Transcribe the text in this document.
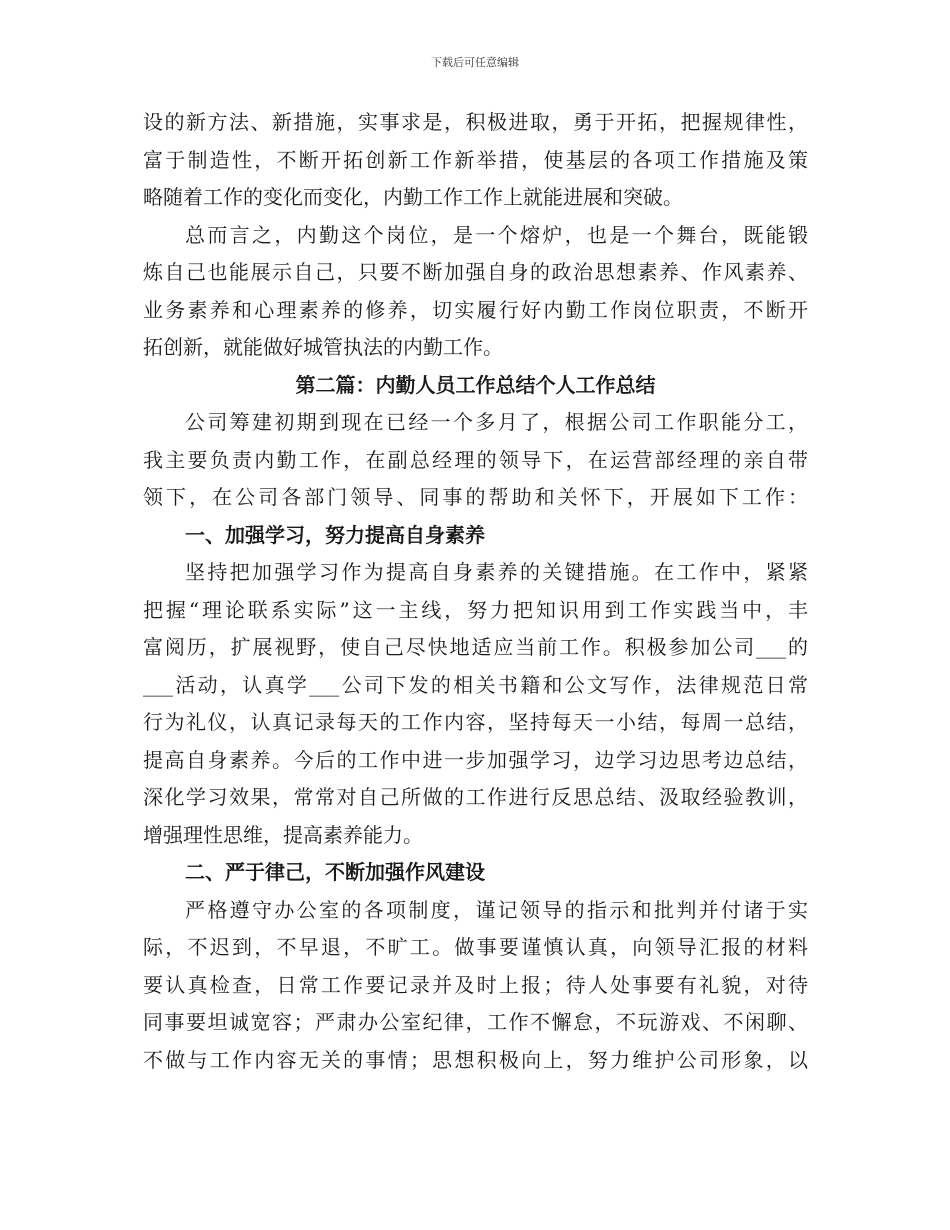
下载后可任意编辑
设的新方法、新措施，实事求是，积极进取，勇于开拓，把握规律性，
富于制造性，不断开拓创新工作新举措，使基层的各项工作措施及策
略随着工作的变化而变化，内勤工作工作上就能进展和突破。
总而言之，内勤这个岗位，是一个熔炉，也是一个舞台，既能锻
炼自己也能展示自己，只要不断加强自身的政治思想素养、作风素养、
业务素养和心理素养的修养，切实履行好内勤工作岗位职责，不断开
拓创新，就能做好城管执法的内勤工作。
第二篇：内勤人员工作总结个人工作总结
公司筹建初期到现在已经一个多月了，根据公司工作职能分工，
我主要负责内勤工作，在副总经理的领导下，在运营部经理的亲自带
领下，在公司各部门领导、同事的帮助和关怀下，开展如下工作：
一、加强学习，努力提高自身素养
坚持把加强学习作为提高自身素养的关键措施。在工作中，紧紧
把握“理论联系实际”这一主线，努力把知识用到工作实践当中，丰
富阅历，扩展视野，使自己尽快地适应当前工作。积极参加公司___的
___活动，认真学___公司下发的相关书籍和公文写作，法律规范日常
行为礼仪，认真记录每天的工作内容，坚持每天一小结，每周一总结，
提高自身素养。今后的工作中进一步加强学习，边学习边思考边总结，
深化学习效果，常常对自己所做的工作进行反思总结、汲取经验教训，
增强理性思维，提高素养能力。
二、严于律己，不断加强作风建设
严格遵守办公室的各项制度，谨记领导的指示和批判并付诸于实
际，不迟到，不早退，不旷工。做事要谨慎认真，向领导汇报的材料
要认真检查，日常工作要记录并及时上报；待人处事要有礼貌，对待
同事要坦诚宽容；严肃办公室纪律，工作不懈怠，不玩游戏、不闲聊、
不做与工作内容无关的事情；思想积极向上，努力维护公司形象，以
